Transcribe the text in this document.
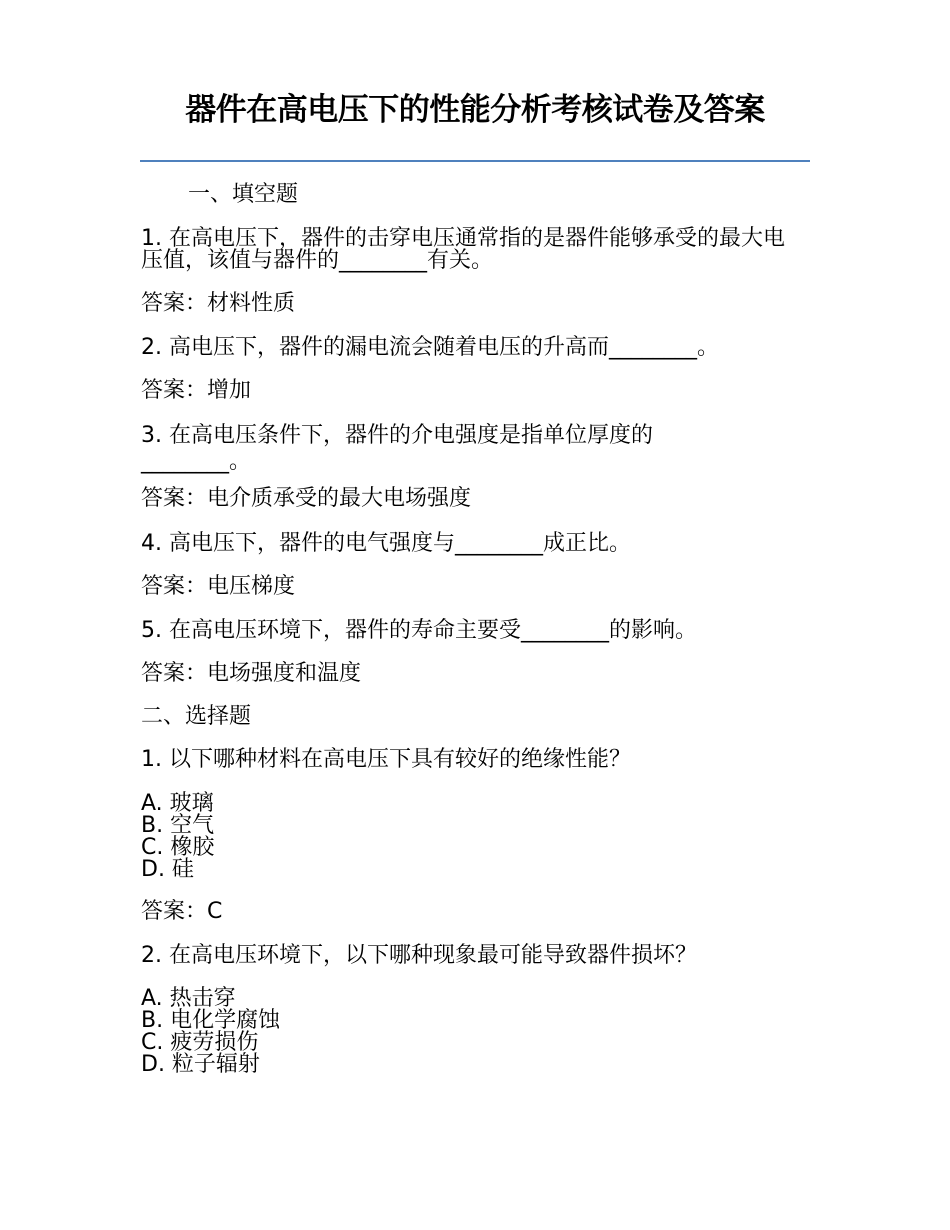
器件在高电压下的性能分析考核试卷及答案

一、填空题

1. 在高电压下，器件的击穿电压通常指的是器件能够承受的最大电压值，该值与器件的________有关。

答案：材料性质

2. 高电压下，器件的漏电流会随着电压的升高而________。

答案：增加

3. 在高电压条件下，器件的介电强度是指单位厚度的________。

答案：电介质承受的最大电场强度

4. 高电压下，器件的电气强度与________成正比。

答案：电压梯度

5. 在高电压环境下，器件的寿命主要受________的影响。

答案：电场强度和温度

二、选择题

1. 以下哪种材料在高电压下具有较好的绝缘性能？

A. 玻璃
B. 空气
C. 橡胶
D. 硅

答案：C

2. 在高电压环境下，以下哪种现象最可能导致器件损坏？

A. 热击穿
B. 电化学腐蚀
C. 疲劳损伤
D. 粒子辐射
